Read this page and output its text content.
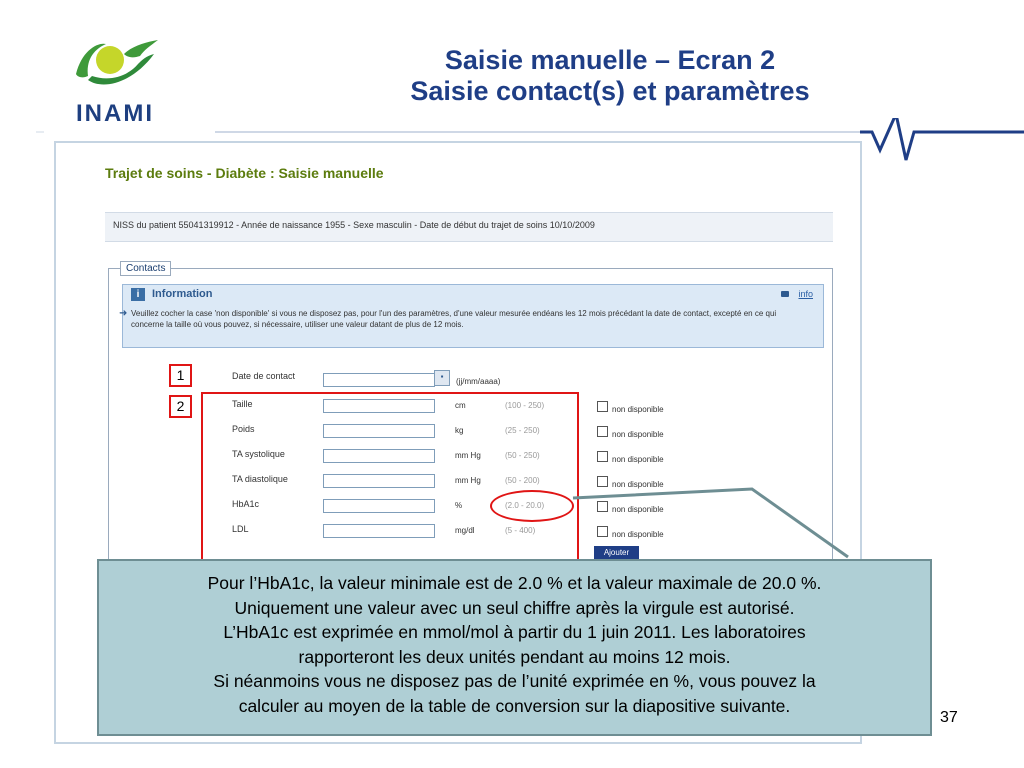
INAMI
Saisie manuelle – Ecran 2
Saisie contact(s) et paramètres
Trajet de soins - Diabète : Saisie manuelle
NISS du patient 55041319912 - Année de naissance 1955 - Sexe masculin - Date de début du trajet de soins 10/10/2009
Contacts
i	Information	info
➜ Veuillez cocher la case 'non disponible' si vous ne disposez pas, pour l'un des paramètres, d'une valeur mesurée endéans les 12 mois précédant la date de contact, excepté en ce qui concerne la taille où vous pouvez, si nécessaire, utiliser une valeur datant de plus de 12 mois.
Date de contact	▪
(jj/mm/aaaa)
Taille	cm	(100 - 250)	non disponible
Poids	kg	(25 - 250)	non disponible
TA systolique	mm Hg	(50 - 250)	non disponible
TA diastolique	mm Hg	(50 - 200)	non disponible
HbA1c	%	(2.0 - 20.0)	non disponible
LDL	mg/dl	(5 - 400)	non disponible
Ajouter
1
2
Pour l’HbA1c, la valeur minimale est de 2.0 % et la valeur maximale de 20.0 %.
Uniquement une valeur avec un seul chiffre après la virgule est autorisé.
L’HbA1c est exprimée en mmol/mol à partir du 1 juin 2011. Les laboratoires
rapporteront les deux unités pendant au moins 12 mois.
Si néanmoins vous ne disposez pas de l’unité exprimée en %, vous pouvez la
calculer au moyen de la table de conversion sur la diapositive suivante.
37
